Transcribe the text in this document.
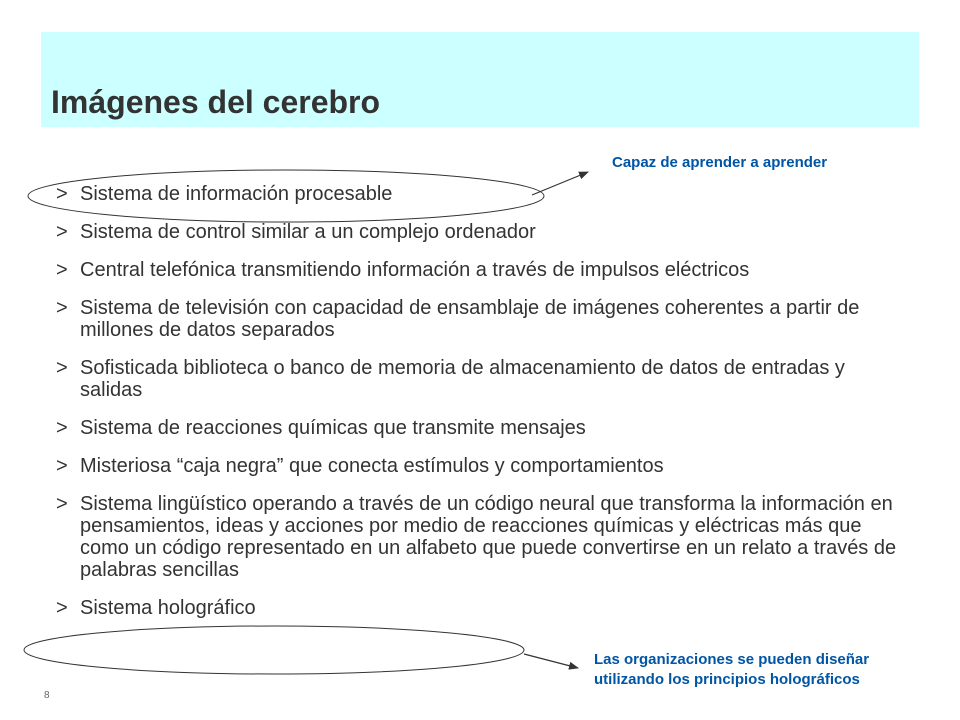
Imágenes del cerebro
> Sistema de información procesable
> Sistema de control similar a un complejo ordenador
> Central telefónica transmitiendo información a través de impulsos eléctricos
> Sistema de televisión con capacidad de ensamblaje de imágenes coherentes a partir de millones de datos separados
> Sofisticada biblioteca o banco de memoria de almacenamiento de datos de entradas y salidas
> Sistema de reacciones químicas que transmite mensajes
> Misteriosa “caja negra” que conecta estímulos y comportamientos
> Sistema lingüístico operando a través de un código neural que transforma la información en pensamientos, ideas y acciones por medio de reacciones químicas y eléctricas más que como un código representado en un alfabeto que puede convertirse en un relato a través de palabras sencillas
> Sistema holográfico
Capaz de aprender a aprender
Las organizaciones se pueden diseñar utilizando los principios holográficos
8
